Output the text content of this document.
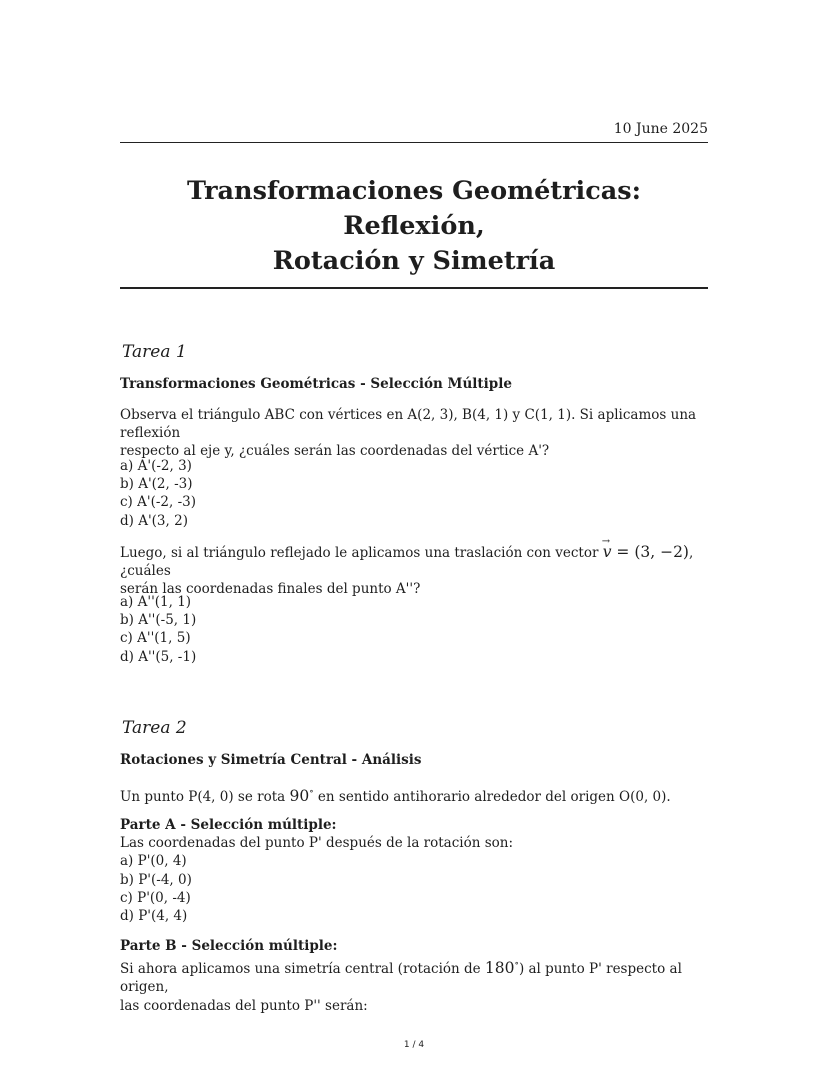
10 June 2025
Transformaciones Geométricas: Reflexión,
Rotación y Simetría
Tarea 1
Transformaciones Geométricas - Selección Múltiple

Observa el triángulo ABC con vértices en A(2, 3), B(4, 1) y C(1, 1). Si aplicamos una reflexión

respecto al eje y, ¿cuáles serán las coordenadas del vértice A'?

a) A'(-2, 3)

b) A'(2, -3)

c) A'(-2, -3)

d) A'(3, 2)

Luego, si al triángulo reflejado le aplicamos una traslación con vector → v = (3, −2), ¿cuáles

serán las coordenadas finales del punto A''?

a) A''(1, 1)

b) A''(-5, 1)

c) A''(1, 5)

d) A''(5, -1)

Tarea 2
Rotaciones y Simetría Central - Análisis

Un punto P(4, 0) se rota 90∘ en sentido antihorario alrededor del origen O(0, 0).

Parte A - Selección múltiple:

Las coordenadas del punto P' después de la rotación son:

a) P'(0, 4)

b) P'(-4, 0)

c) P'(0, -4)

d) P'(4, 4)

Parte B - Selección múltiple:

Si ahora aplicamos una simetría central (rotación de 180∘) al punto P' respecto al origen,

las coordenadas del punto P'' serán:

1 / 4
